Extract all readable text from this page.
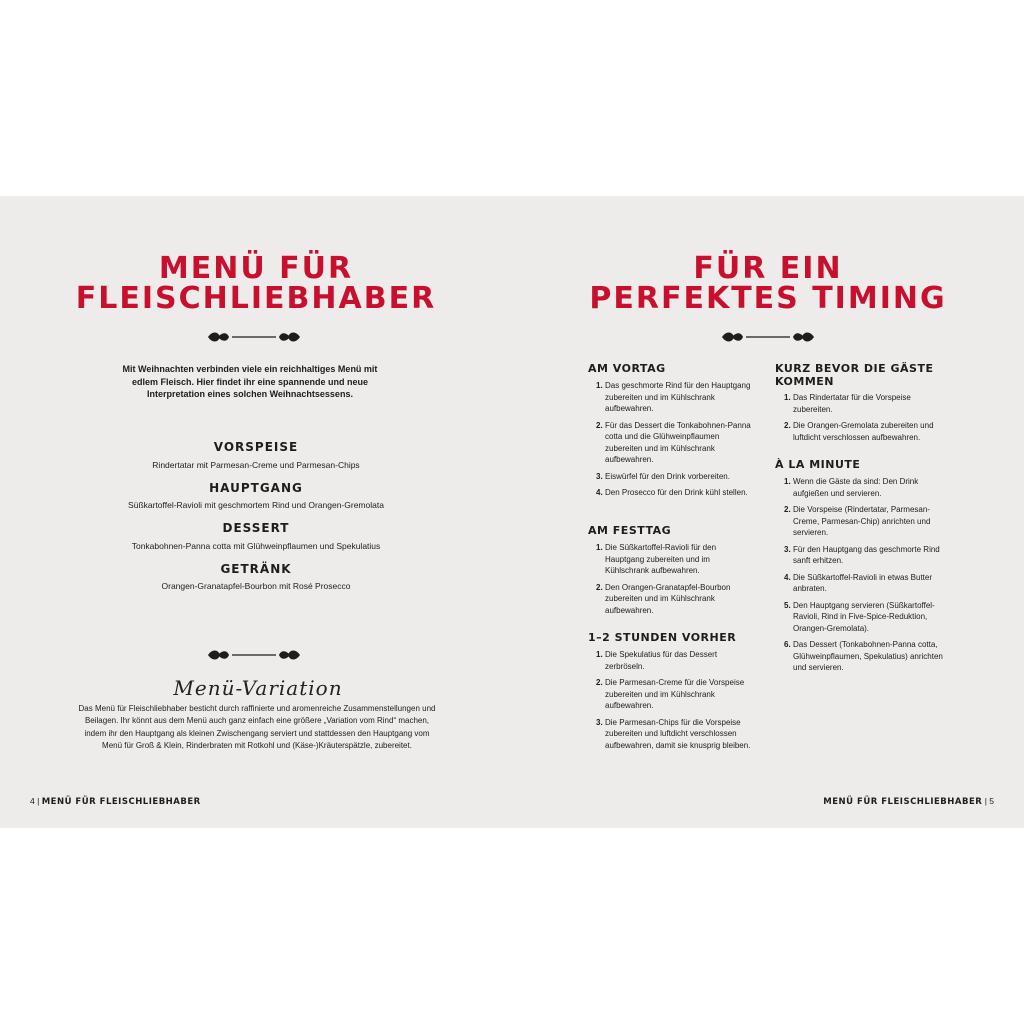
MENÜ FÜR
FLEISCHLIEBHABER

Mit Weihnachten verbinden viele ein reichhaltiges Menü mit edlem Fleisch. Hier findet ihr eine spannende und neue Interpretation eines solchen Weihnachtsessens.

VORSPEISE

Rindertatar mit Parmesan-Creme und Parmesan-Chips

HAUPTGANG

Süßkartoffel-Ravioli mit geschmortem Rind und Orangen-Gremolata

DESSERT

Tonkabohnen-Panna cotta mit Glühweinpflaumen und Spekulatius

GETRÄNK

Orangen-Granatapfel-Bourbon mit Rosé Prosecco

Menü-Variation

Das Menü für Fleischliebhaber besticht durch raffinierte und aromenreiche Zusammenstellungen und Beilagen. Ihr könnt aus dem Menü auch ganz einfach eine größere „Variation vom Rind“ machen, indem ihr den Hauptgang als kleinen Zwischengang serviert und stattdessen den Hauptgang vom Menü für Groß & Klein, Rinderbraten mit Rotkohl und (Käse-)Kräuterspätzle, zubereitet.

4 | MENÜ FÜR FLEISCHLIEBHABER
FÜR EIN
PERFEKTES TIMING
AM VORTAG
1. Das geschmorte Rind für den Hauptgang zubereiten und im Kühlschrank aufbewahren.
2. Für das Dessert die Tonkabohnen-Panna cotta und die Glühweinpflaumen zubereiten und im Kühlschrank aufbewahren.
3. Eiswürfel für den Drink vorbereiten.
4. Den Prosecco für den Drink kühl stellen.
AM FESTTAG
1. Die Süßkartoffel-Ravioli für den Hauptgang zubereiten und im Kühlschrank aufbewahren.
2. Den Orangen-Granatapfel-Bourbon zubereiten und im Kühlschrank aufbewahren.
1–2 STUNDEN VORHER
1. Die Spekulatius für das Dessert zerbröseln.
2. Die Parmesan-Creme für die Vorspeise zubereiten und im Kühlschrank aufbewahren.
3. Die Parmesan-Chips für die Vorspeise zubereiten und luftdicht verschlossen aufbewahren, damit sie knusprig bleiben.
KURZ BEVOR DIE GÄSTE KOMMEN
1. Das Rindertatar für die Vorspeise zubereiten.
2. Die Orangen-Gremolata zubereiten und luftdicht verschlossen aufbewahren.
À LA MINUTE
1. Wenn die Gäste da sind: Den Drink aufgießen und servieren.
2. Die Vorspeise (Rindertatar, Parmesan-Creme, Parmesan-Chip) anrichten und servieren.
3. Für den Hauptgang das geschmorte Rind sanft erhitzen.
4. Die Süßkartoffel-Ravioli in etwas Butter anbraten.
5. Den Hauptgang servieren (Süßkartoffel-Ravioli, Rind in Five-Spice-Reduktion, Orangen-Gremolata).
6. Das Dessert (Tonkabohnen-Panna cotta, Glühweinpflaumen, Spekulatius) anrichten und servieren.
MENÜ FÜR FLEISCHLIEBHABER | 5
